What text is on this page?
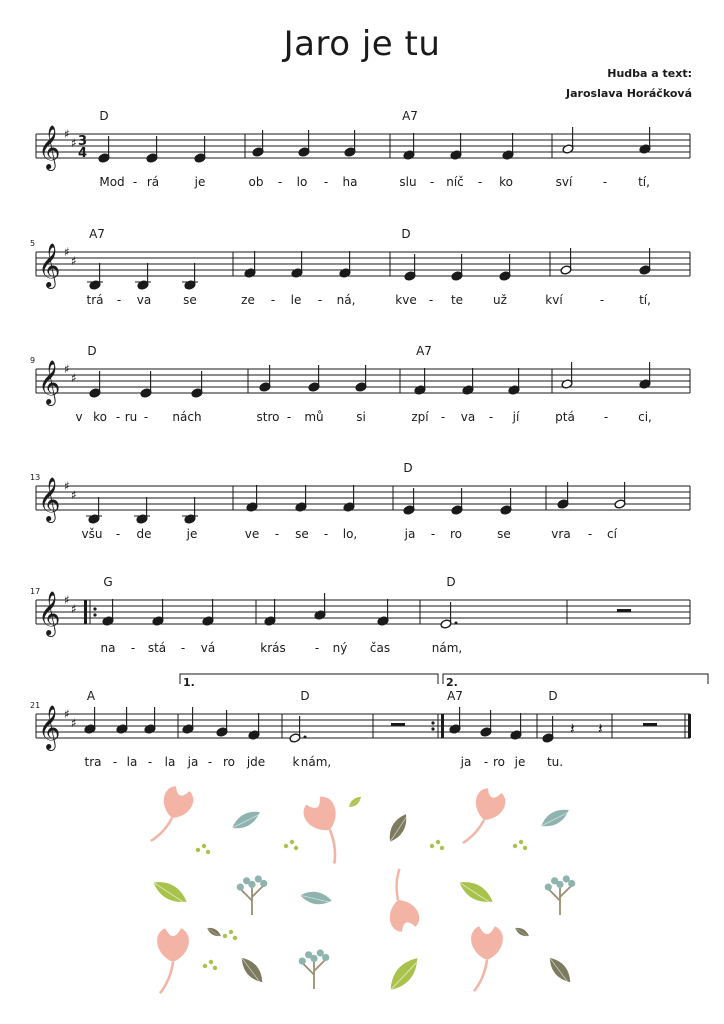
Jaro je tu
Hudba a text:
Jaroslava Horáčková
𝄞 ♯
♯ 3
4
D	A7
Mod - rá	je	ob - lo - ha	slu - níč - ko	sví	-	tí,
𝄞 ♯
♯
5
A7	D
trá - va	se	ze - le - ná,	kve - te	už	kví	-	tí,
𝄞 ♯
♯
9
D	A7
v ko - ru - nách	stro - mů	si	zpí - va - jí	ptá - ci,
𝄞 ♯
♯
13
D
všu - de	je	ve - se - lo,	ja - ro	se	vra - cí
𝄞 ♯
♯
17
G	D
na - stá - vá	krás - ný čas	nám,
𝄞 ♯
♯
21
𝄽 𝄽
A	D	A7	D
tra - la - la ja - ro jde k nám,	ja - ro je tu.
1.	2.
